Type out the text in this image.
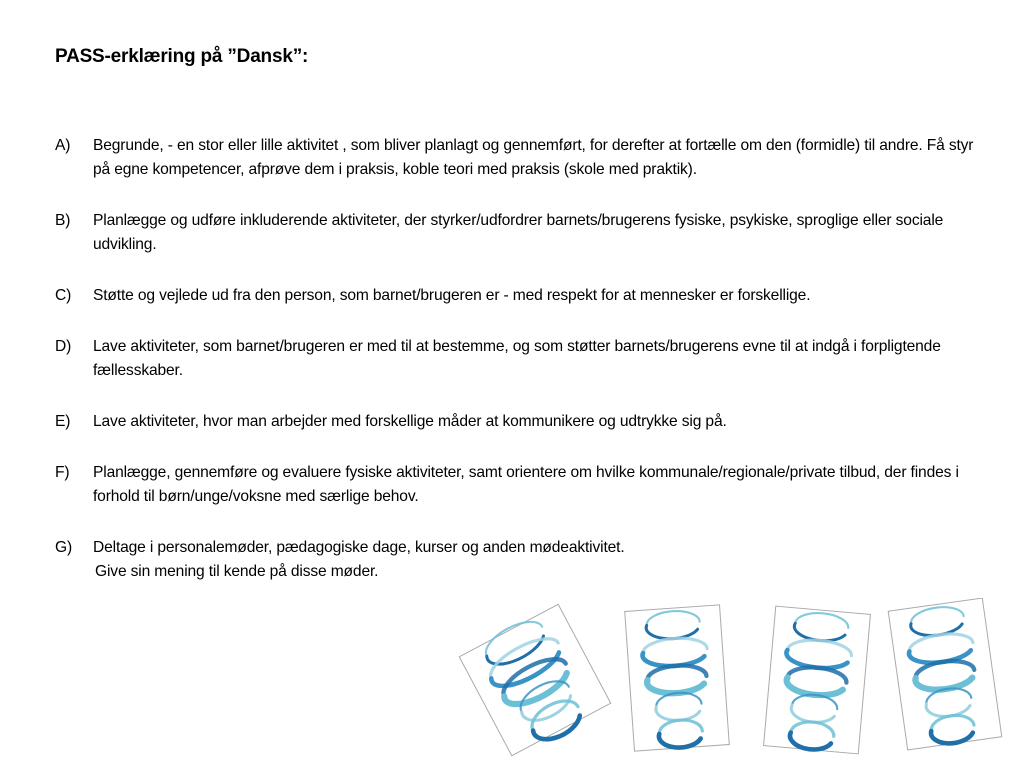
PASS-erklæring på ”Dansk”:
A)	Begrunde, - en stor eller lille aktivitet , som bliver planlagt og gennemført, for derefter at fortælle om den (formidle) til andre. Få styr på egne kompetencer, afprøve dem i praksis, koble teori med praksis (skole med praktik).
B)	Planlægge og udføre inkluderende aktiviteter, der styrker/udfordrer barnets/brugerens fysiske, psykiske, sproglige eller sociale udvikling.
C)	Støtte og vejlede ud fra den person, som barnet/brugeren er - med respekt for at mennesker er forskellige.
D)	Lave aktiviteter, som barnet/brugeren er med til at bestemme, og som støtter barnets/brugerens evne til at indgå i forpligtende fællesskaber.
E)	Lave aktiviteter, hvor man arbejder med forskellige måder at kommunikere og udtrykke sig på.
F)	Planlægge, gennemføre og evaluere fysiske aktiviteter, samt orientere om hvilke kommunale/regionale/private tilbud, der findes i forhold til børn/unge/voksne med særlige behov.
G)	Deltage i personalemøder, pædagogiske dage, kurser og anden mødeaktivitet.
Give sin mening til kende på disse møder.
